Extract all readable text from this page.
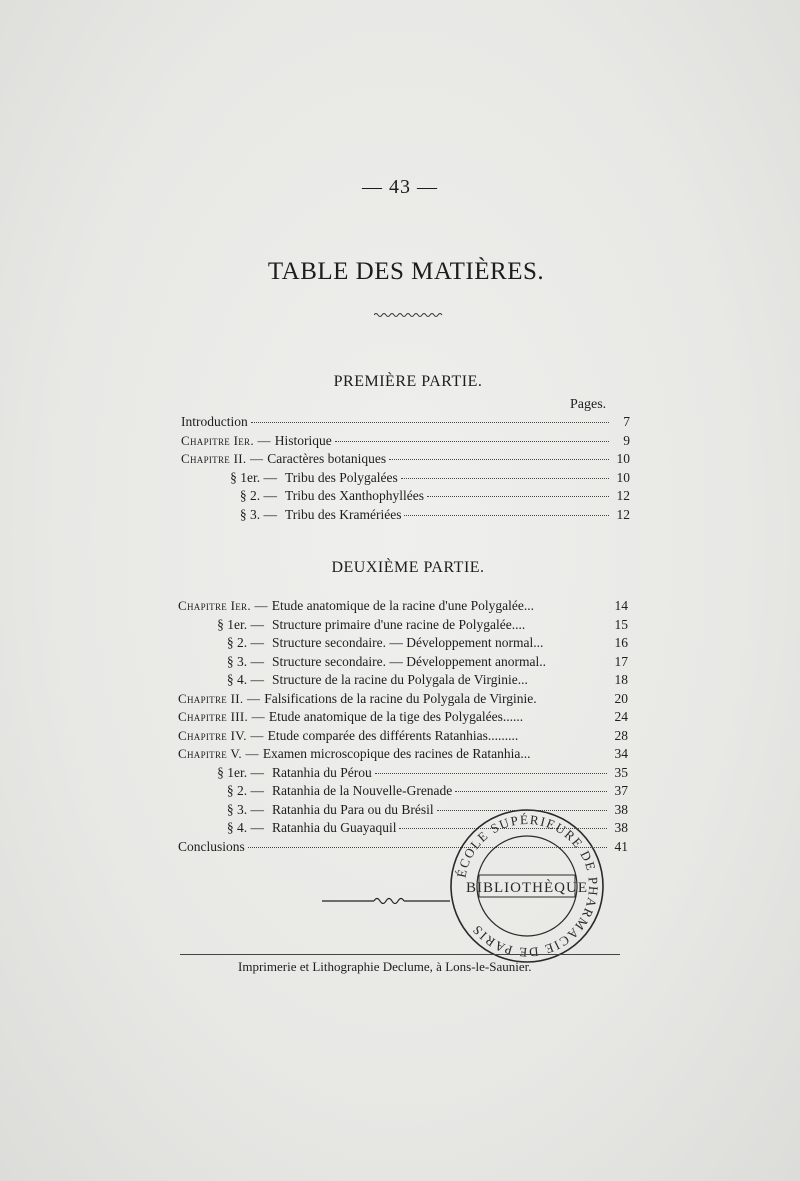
— 43 —
TABLE DES MATIÈRES.
PREMIÈRE PARTIE.
Pages.
Introduction	7
Chapitre Ier. — Historique	9
Chapitre II. — Caractères botaniques	10
§ 1er. — Tribu des Polygalées	10
§ 2. — Tribu des Xanthophyllées	12
§ 3. — Tribu des Kramériées	12
DEUXIÈME PARTIE.
Chapitre Ier. — Etude anatomique de la racine d'une Polygalée...	14
§ 1er. — Structure primaire d'une racine de Polygalée....	15
§ 2. — Structure secondaire. — Développement normal...	16
§ 3. — Structure secondaire. — Développement anormal..	17
§ 4. — Structure de la racine du Polygala de Virginie...	18
Chapitre II. — Falsifications de la racine du Polygala de Virginie.	20
Chapitre III. — Etude anatomique de la tige des Polygalées......	24
Chapitre IV. — Etude comparée des différents Ratanhias.........	28
Chapitre V. — Examen microscopique des racines de Ratanhia...	34
§ 1er. — Ratanhia du Pérou	35
§ 2. — Ratanhia de la Nouvelle-Grenade	37
§ 3. — Ratanhia du Para ou du Brésil	38
§ 4. — Ratanhia du Guayaquil	38
Conclusions	41
ÉCOLE SUPÉRIEURE DE PHARMACIE DE PARIS
BIBLIOTHÈQUE
Imprimerie et Lithographie Declume, à Lons-le-Saunier.
